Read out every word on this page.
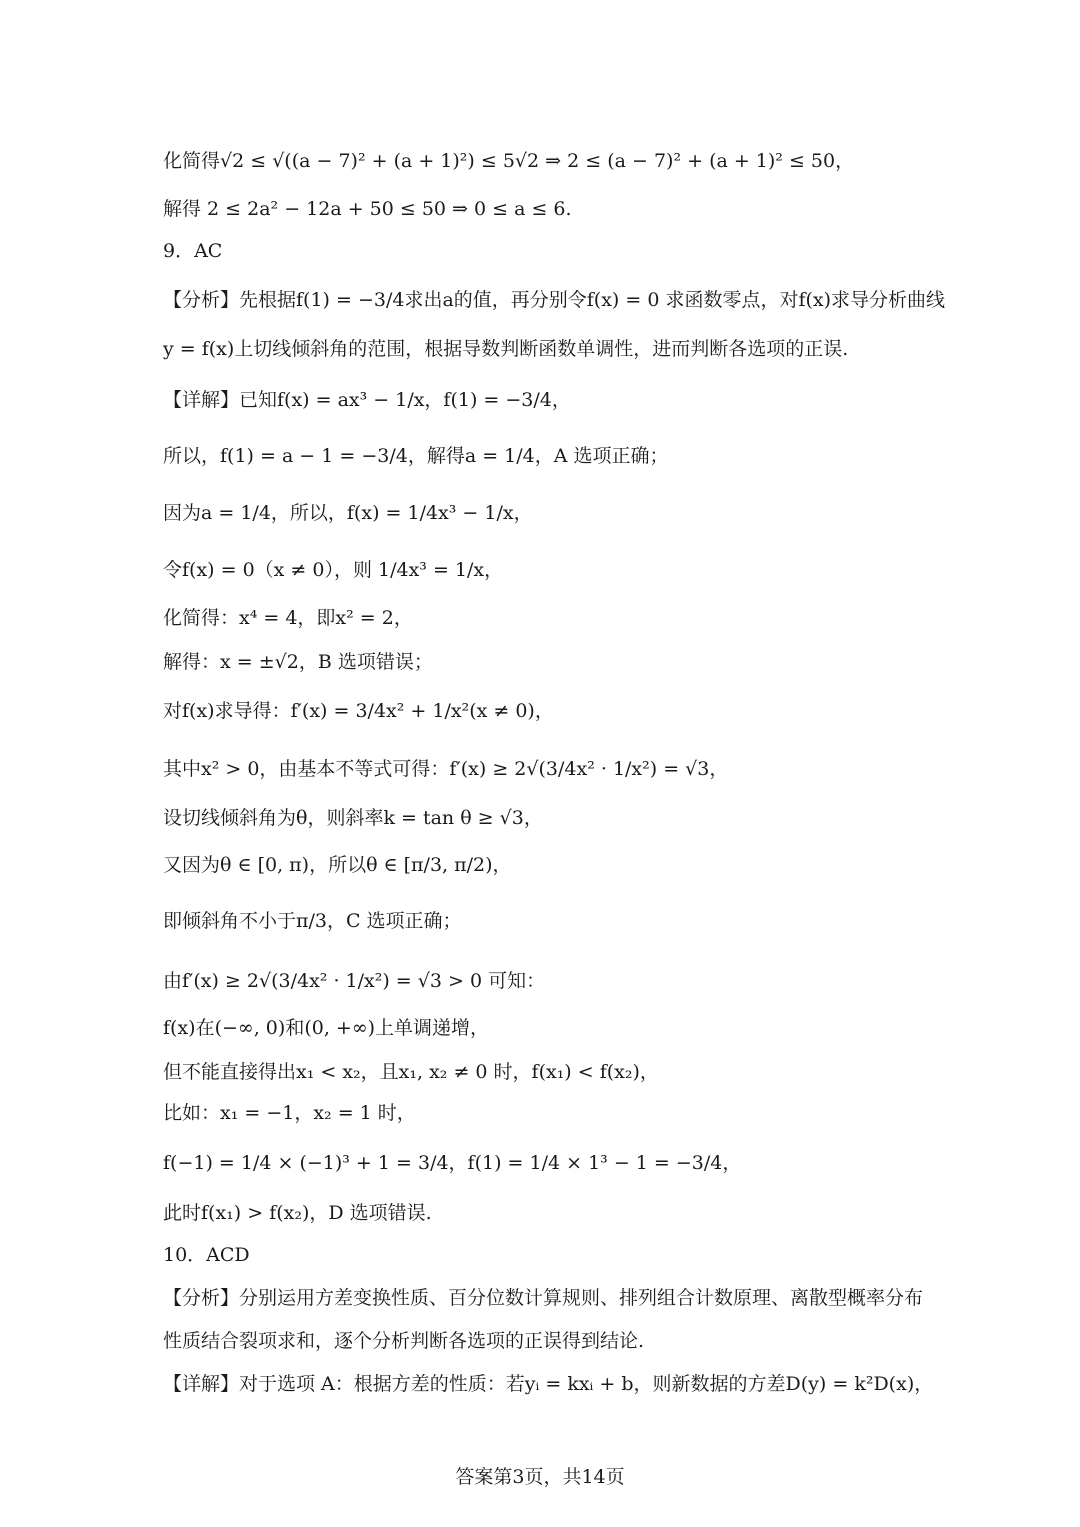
化简得√2 ≤ √((a − 7)² + (a + 1)²) ≤ 5√2 ⇒ 2 ≤ (a − 7)² + (a + 1)² ≤ 50，
解得 2 ≤ 2a² − 12a + 50 ≤ 50 ⇒ 0 ≤ a ≤ 6.
9．AC
【分析】先根据f(1) = −3/4求出a的值，再分别令f(x) = 0 求函数零点，对f(x)求导分析曲线
y = f(x)上切线倾斜角的范围，根据导数判断函数单调性，进而判断各选项的正误.
【详解】已知f(x) = ax³ − 1/x，f(1) = −3/4，
所以，f(1) = a − 1 = −3/4，解得a = 1/4，A 选项正确；
因为a = 1/4，所以，f(x) = 1/4x³ − 1/x，
令f(x) = 0（x ≠ 0），则 1/4x³ = 1/x，
化简得：x⁴ = 4，即x² = 2，
解得：x = ±√2，B 选项错误；
对f(x)求导得：f′(x) = 3/4x² + 1/x²(x ≠ 0)，
其中x² > 0，由基本不等式可得：f′(x) ≥ 2√(3/4x² · 1/x²) = √3，
设切线倾斜角为θ，则斜率k = tan θ ≥ √3，
又因为θ ∈ [0, π)，所以θ ∈ [π/3, π/2)，
即倾斜角不小于π/3，C 选项正确；
由f′(x) ≥ 2√(3/4x² · 1/x²) = √3 > 0 可知：
f(x)在(−∞, 0)和(0, +∞)上单调递增，
但不能直接得出x₁ < x₂，且x₁, x₂ ≠ 0 时，f(x₁) < f(x₂)，
比如：x₁ = −1，x₂ = 1 时，
f(−1) = 1/4 × (−1)³ + 1 = 3/4，f(1) = 1/4 × 1³ − 1 = −3/4，
此时f(x₁) > f(x₂)，D 选项错误.
10．ACD
【分析】分别运用方差变换性质、百分位数计算规则、排列组合计数原理、离散型概率分布
性质结合裂项求和，逐个分析判断各选项的正误得到结论.
【详解】对于选项 A：根据方差的性质：若yᵢ = kxᵢ + b，则新数据的方差D(y) = k²D(x)，
答案第3页，共14页
